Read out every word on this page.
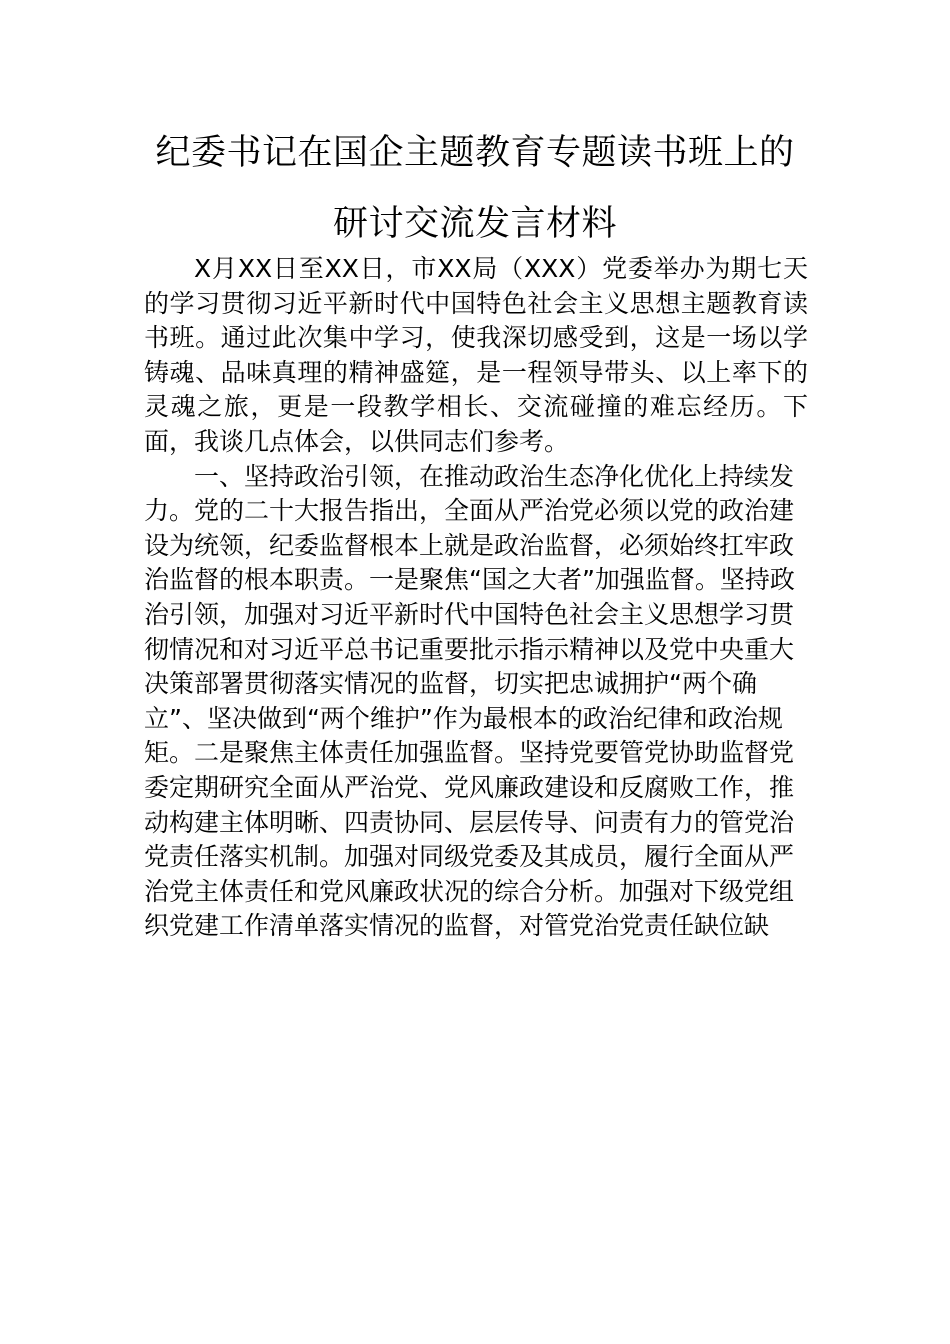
纪委书记在国企主题教育专题读书班上的
研讨交流发言材料

X月XX日至XX日，市XX局（XXX）党委举办为期七天的学习贯彻习近平新时代中国特色社会主义思想主题教育读书班。通过此次集中学习，使我深切感受到，这是一场以学铸魂、品味真理的精神盛筵，是一程领导带头、以上率下的灵魂之旅，更是一段教学相长、交流碰撞的难忘经历。下面，我谈几点体会，以供同志们参考。

一、坚持政治引领，在推动政治生态净化优化上持续发力。党的二十大报告指出，全面从严治党必须以党的政治建设为统领，纪委监督根本上就是政治监督，必须始终扛牢政治监督的根本职责。一是聚焦“国之大者”加强监督。坚持政治引领，加强对习近平新时代中国特色社会主义思想学习贯彻情况和对习近平总书记重要批示指示精神以及党中央重大决策部署贯彻落实情况的监督，切实把忠诚拥护“两个确立”、坚决做到“两个维护”作为最根本的政治纪律和政治规矩。二是聚焦主体责任加强监督。坚持党要管党协助监督党委定期研究全面从严治党、党风廉政建设和反腐败工作，推动构建主体明晰、四责协同、层层传导、问责有力的管党治党责任落实机制。加强对同级党委及其成员，履行全面从严治党主体责任和党风廉政状况的综合分析。加强对下级党组织党建工作清单落实情况的监督，对管党治党责任缺位缺
